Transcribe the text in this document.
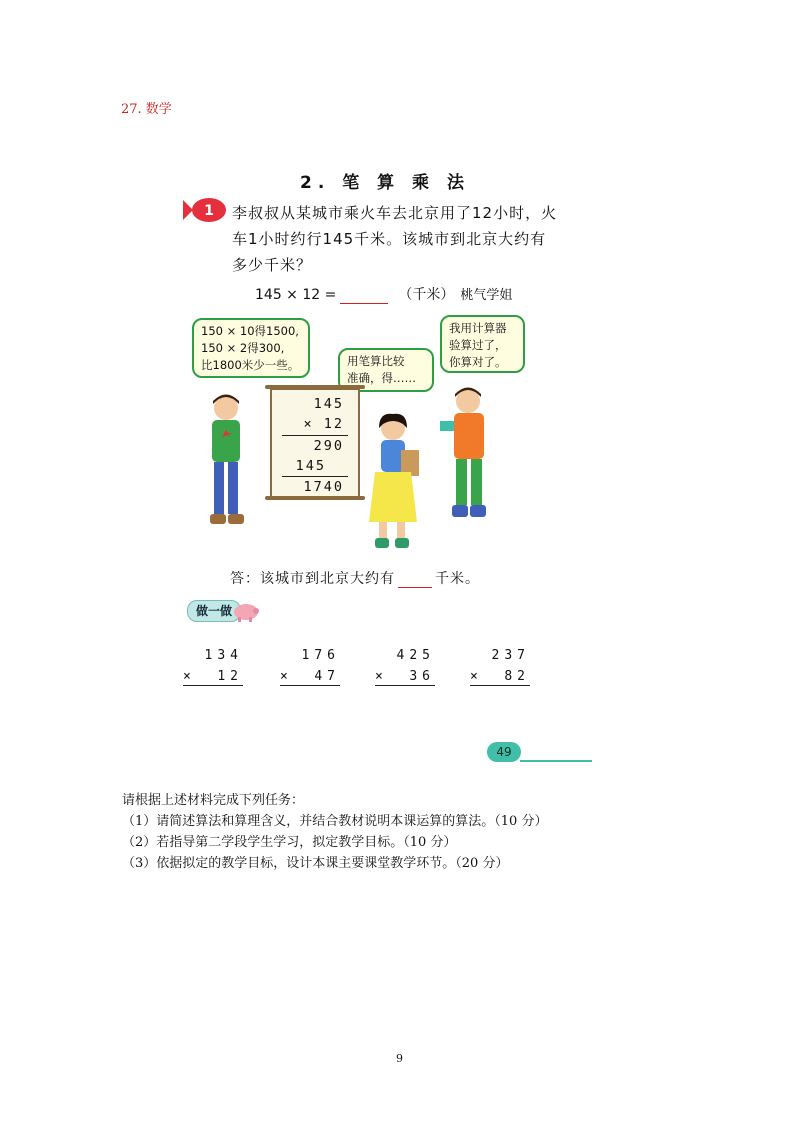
27. 数学
2. 笔 算 乘 法
1 李叔叔从某城市乘火车去北京用了12小时，火车1小时约行145千米。该城市到北京大约有多少千米？
145 × 12 =	（千米） 桃气学姐
150 × 10得1500,
150 × 2得300,
比1800米少一些。	用笔算比较
准确，得……
我用计算器
验算过了，
你算对了。
145
× 12
290
145
1740
答：该城市到北京大约有	千米。
做一做
134
× 12
176
× 47
425
× 36
237
× 82
49
请根据上述材料完成下列任务：
（1）请简述算法和算理含义，并结合教材说明本课运算的算法。（10 分）
（2）若指导第二学段学生学习，拟定教学目标。（10 分）
（3）依据拟定的教学目标，设计本课主要课堂教学环节。（20 分）
9
